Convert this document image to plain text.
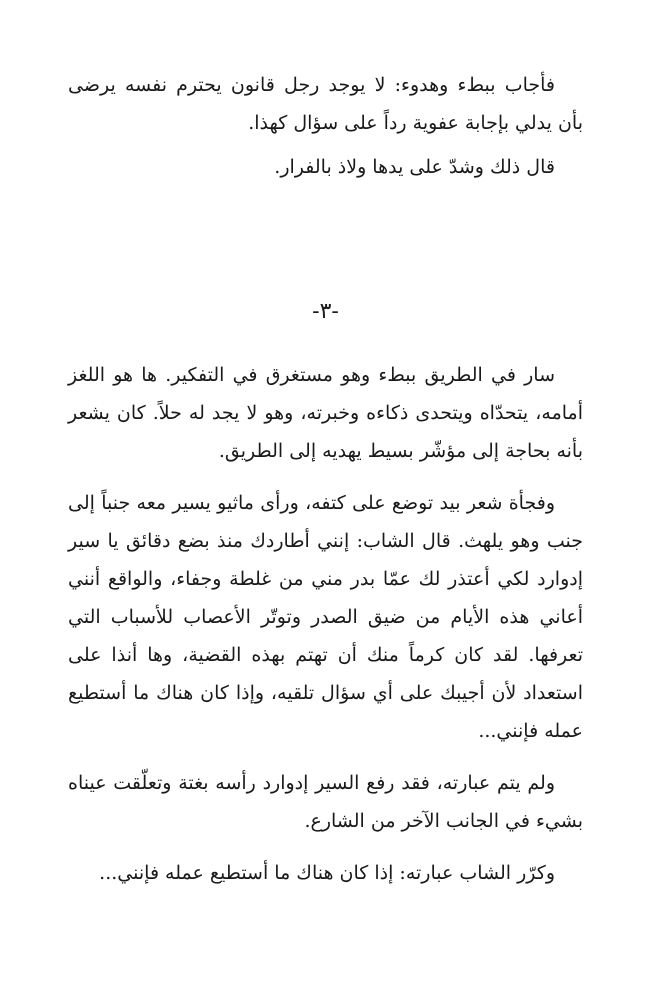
فأجاب ببطء وهدوء: لا يوجد رجل قانون يحترم نفسه يرضى بأن يدلي بإجابة عفوية رداً على سؤال كهذا.

قال ذلك وشدّ على يدها ولاذ بالفرار.

-٣-

سار في الطريق ببطء وهو مستغرق في التفكير. ها هو اللغز أمامه، يتحدّاه ويتحدى ذكاءه وخبرته، وهو لا يجد له حلاً. كان يشعر بأنه بحاجة إلى مؤشّر بسيط يهديه إلى الطريق.

وفجأة شعر بيد توضع على كتفه، ورأى ماثيو يسير معه جنباً إلى جنب وهو يلهث. قال الشاب: إنني أطاردك منذ بضع دقائق يا سير إدوارد لكي أعتذر لك عمّا بدر مني من غلطة وجفاء، والواقع أنني أعاني هذه الأيام من ضيق الصدر وتوتّر الأعصاب للأسباب التي تعرفها. لقد كان كرماً منك أن تهتم بهذه القضية، وها أنذا على استعداد لأن أجيبك على أي سؤال تلقيه، وإذا كان هناك ما أستطيع عمله فإنني...

ولم يتم عبارته، فقد رفع السير إدوارد رأسه بغتة وتعلّقت عيناه بشيء في الجانب الآخر من الشارع.

وكرّر الشاب عبارته: إذا كان هناك ما أستطيع عمله فإنني...
